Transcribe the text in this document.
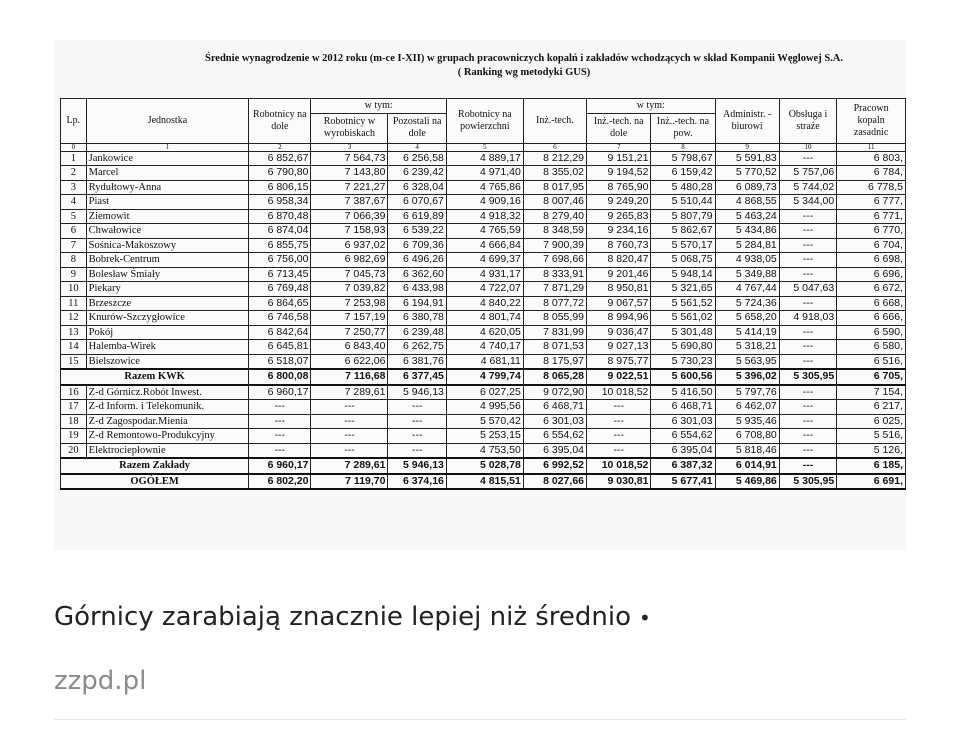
Średnie wynagrodzenie w 2012 roku (m-ce I-XII) w grupach pracowniczych kopalń i zakładów wchodzących w skład Kompanii Węglowej S.A.
( Ranking wg metodyki GUS)
Lp.	Jednostka	Robotnicy na dole	w tym:		Robotnicy na powierzchni	Inż.-tech.	w tym:		Administr. -biurowi	Obsługa i straże	Pracown kopaln zasadnic
			Robotnicy w wyrobiskach	Pozostali na dole			Inż.-tech. na dole	Inż..-tech. na pow.			
0	1	2	3	4	5	6	7	8	9	10	11
1	Jankowice	6 852,67	7 564,73	6 256,58	4 889,17	8 212,29	9 151,21	5 798,67	5 591,83	---	6 803,
2	Marcel	6 790,80	7 143,80	6 239,42	4 971,40	8 355,02	9 194,52	6 159,42	5 770,52	5 757,06	6 784,
3	Rydułtowy-Anna	6 806,15	7 221,27	6 328,04	4 765,86	8 017,95	8 765,90	5 480,28	6 089,73	5 744,02	6 778,5
4	Piast	6 958,34	7 387,67	6 070,67	4 909,16	8 007,46	9 249,20	5 510,44	4 868,55	5 344,00	6 777,
5	Ziemowit	6 870,48	7 066,39	6 619,89	4 918,32	8 279,40	9 265,83	5 807,79	5 463,24	---	6 771,
6	Chwałowice	6 874,04	7 158,93	6 539,22	4 765,59	8 348,59	9 234,16	5 862,67	5 434,86	---	6 770,
7	Sośnica-Makoszowy	6 855,75	6 937,02	6 709,36	4 666,84	7 900,39	8 760,73	5 570,17	5 284,81	---	6 704,
8	Bobrek-Centrum	6 756,00	6 982,69	6 496,26	4 699,37	7 698,66	8 820,47	5 068,75	4 938,05	---	6 698,
9	Bolesław Śmiały	6 713,45	7 045,73	6 362,60	4 931,17	8 333,91	9 201,46	5 948,14	5 349,88	---	6 696,
10	Piekary	6 769,48	7 039,82	6 433,98	4 722,07	7 871,29	8 950,81	5 321,65	4 767,44	5 047,63	6 672,
11	Brzeszcze	6 864,65	7 253,98	6 194,91	4 840,22	8 077,72	9 067,57	5 561,52	5 724,36	---	6 668,
12	Knurów-Szczygłowice	6 746,58	7 157,19	6 380,78	4 801,74	8 055,99	8 994,96	5 561,02	5 658,20	4 918,03	6 666,
13	Pokój	6 842,64	7 250,77	6 239,48	4 620,05	7 831,99	9 036,47	5 301,48	5 414,19	---	6 590,
14	Halemba-Wirek	6 645,81	6 843,40	6 262,75	4 740,17	8 071,53	9 027,13	5 690,80	5 318,21	---	6 580,
15	Bielszowice	6 518,07	6 622,06	6 381,76	4 681,11	8 175,97	8 975,77	5 730,23	5 563,95	---	6 516,
Razem KWK		6 800,08	7 116,68	6 377,45	4 799,74	8 065,28	9 022,51	5 600,56	5 396,02	5 305,95	6 705,
16	Z-d Górnicz.Robót Inwest.	6 960,17	7 289,61	5 946,13	6 027,25	9 072,90	10 018,52	5 416,50	5 797,76	---	7 154,
17	Z-d Inform. i Telekomunik.	---	---	---	4 995,56	6 468,71	---	6 468,71	6 462,07	---	6 217,
18	Z-d Zagospodar.Mienia	---	---	---	5 570,42	6 301,03	---	6 301,03	5 935,46	---	6 025,
19	Z-d Remontowo-Produkcyjny	---	---	---	5 253,15	6 554,62	---	6 554,62	6 708,80	---	5 516,
20	Elektrociepłownie	---	---	---	4 753,50	6 395,04	---	6 395,04	5 818,46	---	5 126,
Razem Zakłady		6 960,17	7 289,61	5 946,13	5 028,78	6 992,52	10 018,52	6 387,32	6 014,91	---	6 185,
OGÓŁEM		6 802,20	7 119,70	6 374,16	4 815,51	8 027,66	9 030,81	5 677,41	5 469,86	5 305,95	6 691,
Górnicy zarabiają znacznie lepiej niż średnio •
zzpd.pl
